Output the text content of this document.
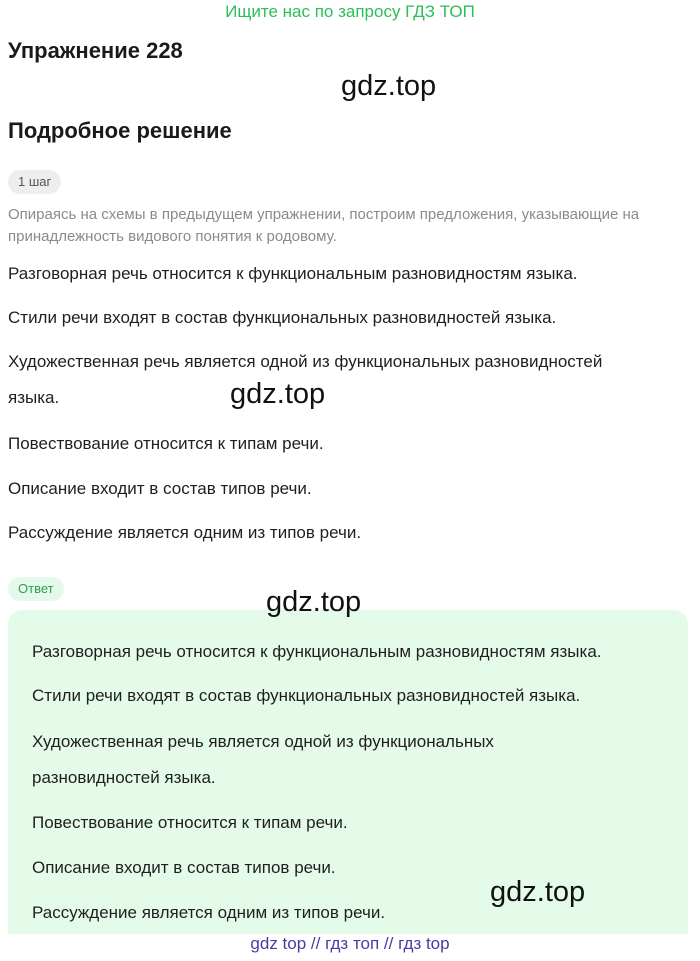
Ищите нас по запросу ГДЗ ТОП
Упражнение 228
gdz.top
Подробное решение
1 шаг
Опираясь на схемы в предыдущем упражнении, построим предложения, указывающие на принадлежность видового понятия к родовому.
Разговорная речь относится к функциональным разновидностям языка.
Стили речи входят в состав функциональных разновидностей языка.
Художественная речь является одной из функциональных разновидностей языка.
Повествование относится к типам речи.
Описание входит в состав типов речи.
Рассуждение является одним из типов речи.
gdz.top
Ответ	gdz.top
Разговорная речь относится к функциональным разновидностям языка.
Стили речи входят в состав функциональных разновидностей языка.
Художественная речь является одной из функциональных разновидностей языка.
Повествование относится к типам речи.
Описание входит в состав типов речи.
Рассуждение является одним из типов речи.
gdz.top
gdz top // гдз топ // гдз top
